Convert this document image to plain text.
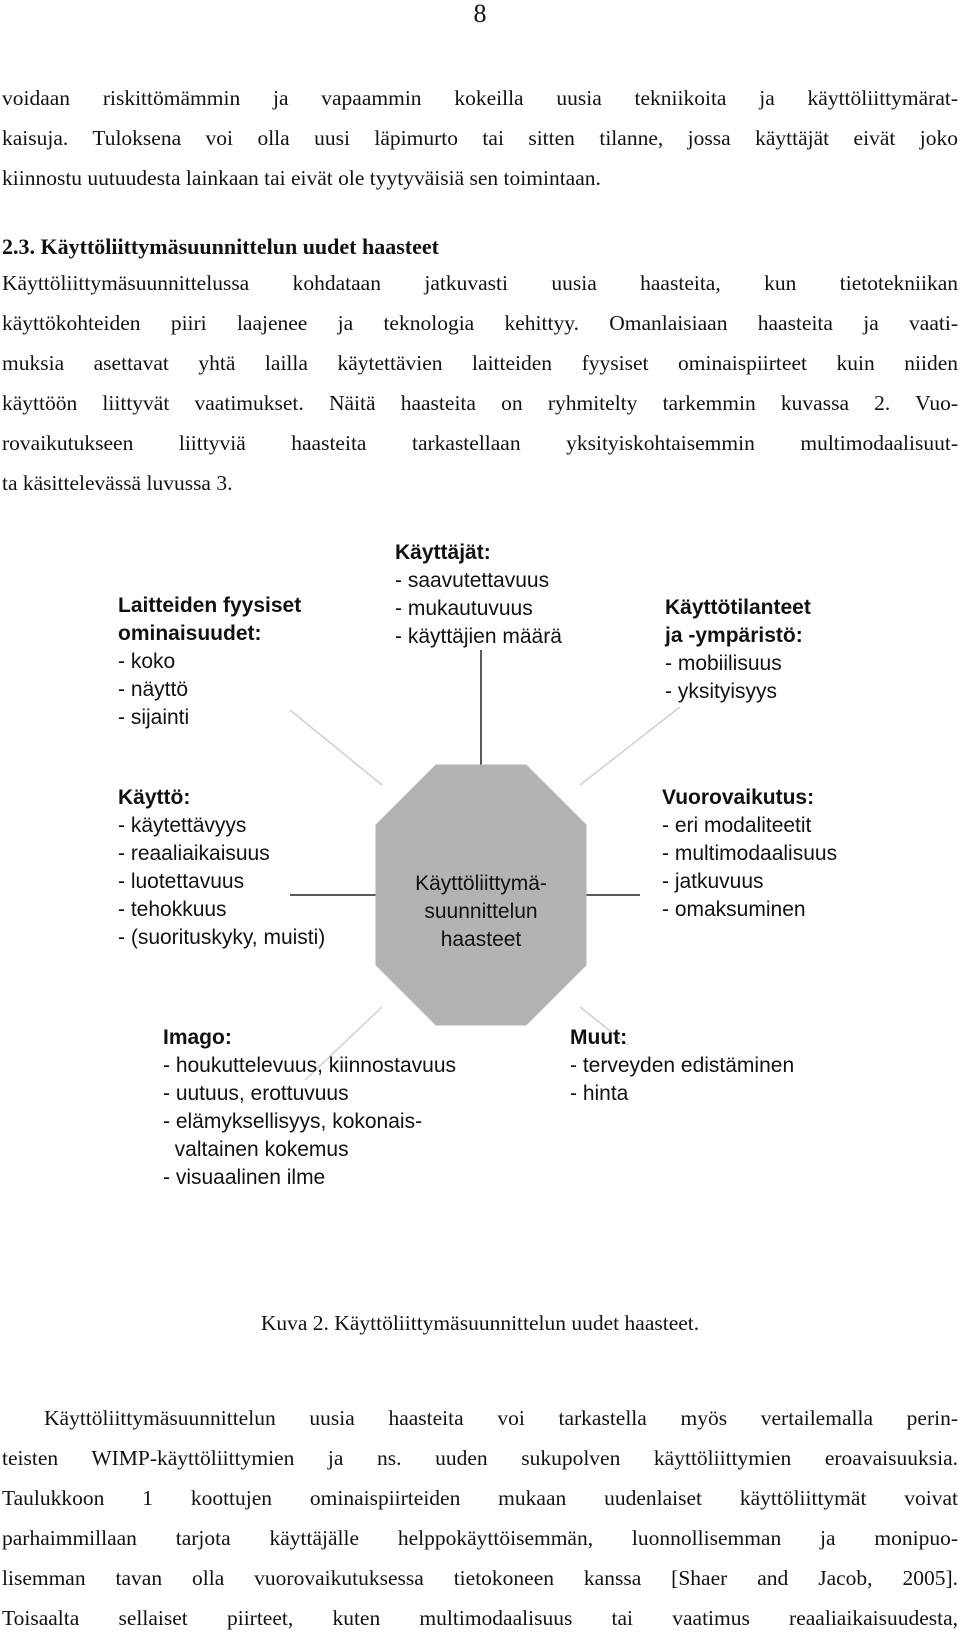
8

voidaan riskittömämmin ja vapaammin kokeilla uusia tekniikoita ja käyttöliittymärat-
kaisuja. Tuloksena voi olla uusi läpimurto tai sitten tilanne, jossa käyttäjät eivät joko
kiinnostu uutuudesta lainkaan tai eivät ole tyytyväisiä sen toimintaan.

2.3. Käyttöliittymäsuunnittelun uudet haasteet

Käyttöliittymäsuunnittelussa kohdataan jatkuvasti uusia haasteita, kun tietotekniikan
käyttökohteiden piiri laajenee ja teknologia kehittyy. Omanlaisiaan haasteita ja vaati-
muksia asettavat yhtä lailla käytettävien laitteiden fyysiset ominaispiirteet kuin niiden
käyttöön liittyvät vaatimukset. Näitä haasteita on ryhmitelty tarkemmin kuvassa 2. Vuo-
rovaikutukseen liittyviä haasteita tarkastellaan yksityiskohtaisemmin multimodaalisuut-
ta käsittelevässä luvussa 3.

Käyttöliittymä-
suunnittelun
haasteet
Käyttäjät:
- saavutettavuus
- mukautuvuus
- käyttäjien määrä
Laitteiden fyysiset
ominaisuudet:
- koko
- näyttö
- sijainti
Käyttötilanteet
ja -ympäristö:
- mobiilisuus
- yksityisyys
Käyttö:
- käytettävyys
- reaaliaikaisuus
- luotettavuus
- tehokkuus
- (suorituskyky, muisti)
Vuorovaikutus:
- eri modaliteetit
- multimodaalisuus
- jatkuvuus
- omaksuminen
Imago:
- houkuttelevuus, kiinnostavuus
- uutuus, erottuvuus
- elämyksellisyys, kokonais-
valtainen kokemus
- visuaalinen ilme
Muut:
- terveyden edistäminen
- hinta
Kuva 2. Käyttöliittymäsuunnittelun uudet haasteet.

Käyttöliittymäsuunnittelun uusia haasteita voi tarkastella myös vertailemalla perin-
teisten WIMP-käyttöliittymien ja ns. uuden sukupolven käyttöliittymien eroavaisuuksia.
Taulukkoon 1 koottujen ominaispiirteiden mukaan uudenlaiset käyttöliittymät voivat
parhaimmillaan tarjota käyttäjälle helppokäyttöisemmän, luonnollisemman ja monipuo-
lisemman tavan olla vuorovaikutuksessa tietokoneen kanssa [Shaer and Jacob, 2005].
Toisaalta sellaiset piirteet, kuten multimodaalisuus tai vaatimus reaaliaikaisuudesta,
